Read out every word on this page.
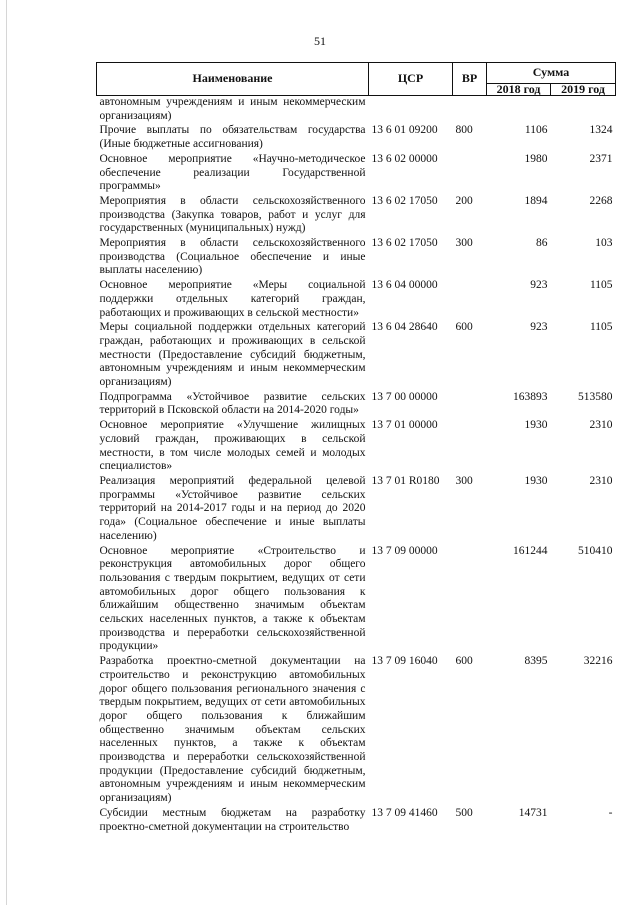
51
Наименование	ЦСР	ВР	Сумма	
			2018 год	2019 год
автономным учреждениям и иным некоммерческим организациям)				
Прочие выплаты по обязательствам государства (Иные бюджетные ассигнования)	13 6 01 09200	800	1106	1324
Основное мероприятие «Научно-методическое обеспечение реализации Государственной программы»	13 6 02 00000		1980	2371
Мероприятия в области сельскохозяйственного производства (Закупка товаров, работ и услуг для государственных (муниципальных) нужд)	13 6 02 17050	200	1894	2268
Мероприятия в области сельскохозяйственного производства (Социальное обеспечение и иные выплаты населению)	13 6 02 17050	300	86	103
Основное мероприятие «Меры социальной поддержки отдельных категорий граждан, работающих и проживающих в сельской местности»	13 6 04 00000		923	1105
Меры социальной поддержки отдельных категорий граждан, работающих и проживающих в сельской местности (Предоставление субсидий бюджетным, автономным учреждениям и иным некоммерческим организациям)	13 6 04 28640	600	923	1105
Подпрограмма «Устойчивое развитие сельских территорий в Псковской области на 2014-2020 годы»	13 7 00 00000		163893	513580
Основное мероприятие «Улучшение жилищных условий граждан, проживающих в сельской местности, в том числе молодых семей и молодых специалистов»	13 7 01 00000		1930	2310
Реализация мероприятий федеральной целевой программы «Устойчивое развитие сельских территорий на 2014-2017 годы и на период до 2020 года» (Социальное обеспечение и иные выплаты населению)	13 7 01 R0180	300	1930	2310
Основное мероприятие «Строительство и реконструкция автомобильных дорог общего пользования с твердым покрытием, ведущих от сети автомобильных дорог общего пользования к ближайшим общественно значимым объектам сельских населенных пунктов, а также к объектам производства и переработки сельскохозяйственной продукции»	13 7 09 00000		161244	510410
Разработка проектно-сметной документации на строительство и реконструкцию автомобильных дорог общего пользования регионального значения с твердым покрытием, ведущих от сети автомобильных дорог общего пользования к ближайшим общественно значимым объектам сельских населенных пунктов, а также к объектам производства и переработки сельскохозяйственной продукции (Предоставление субсидий бюджетным, автономным учреждениям и иным некоммерческим организациям)	13 7 09 16040	600	8395	32216
Субсидии местным бюджетам на разработку проектно-сметной документации на строительство	13 7 09 41460	500	14731	-
